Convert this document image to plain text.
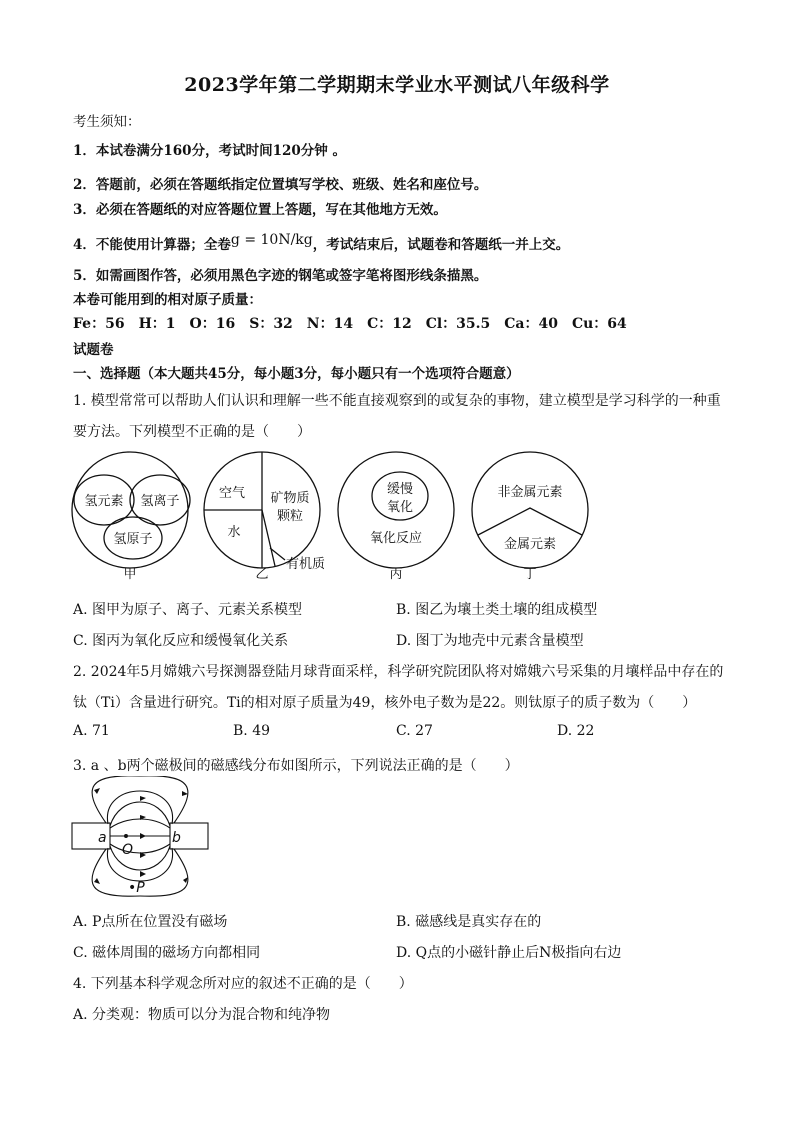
2023学年第二学期期末学业水平测试八年级科学
考生须知：
1．本试卷满分160分，考试时间120分钟 。
2．答题前，必须在答题纸指定位置填写学校、班级、姓名和座位号。
3．必须在答题纸的对应答题位置上答题，写在其他地方无效。
4．不能使用计算器；全卷g = 10N/kg，考试结束后，试题卷和答题纸一并上交。
5．如需画图作答，必须用黑色字迹的钢笔或签字笔将图形线条描黑。
本卷可能用到的相对原子质量：
Fe：56　H：1　O：16　S：32　N：14　C：12　Cl：35.5　Ca：40　Cu：64
试题卷
一、选择题（本大题共45分，每小题3分，每小题只有一个选项符合题意）
1. 模型常常可以帮助人们认识和理解一些不能直接观察到的或复杂的事物，建立模型是学习科学的一种重
要方法。下列模型不正确的是（　　）
氢元素 氢离子
氢原子
甲
空气
水
矿物质
颗粒
有机质
乙
缓慢
氧化
氧化反应
丙
非金属元素
金属元素
丁
A. 图甲为原子、离子、元素关系模型	B. 图乙为壤土类土壤的组成模型
C. 图丙为氧化反应和缓慢氧化关系	D. 图丁为地壳中元素含量模型
2. 2024年5月嫦娥六号探测器登陆月球背面采样，科学研究院团队将对嫦娥六号采集的月壤样品中存在的
钛（Ti）含量进行研究。Ti的相对原子质量为49，核外电子数为是22。则钛原子的质子数为（　　）
A. 71	B. 49	C. 27	D. 22
3. a 、b两个磁极间的磁感线分布如图所示，下列说法正确的是（　　）
a	b
O
•P
A. P点所在位置没有磁场	B. 磁感线是真实存在的
C. 磁体周围的磁场方向都相同	D. Q点的小磁针静止后N极指向右边
4. 下列基本科学观念所对应的叙述不正确的是（　　）
A. 分类观：物质可以分为混合物和纯净物
